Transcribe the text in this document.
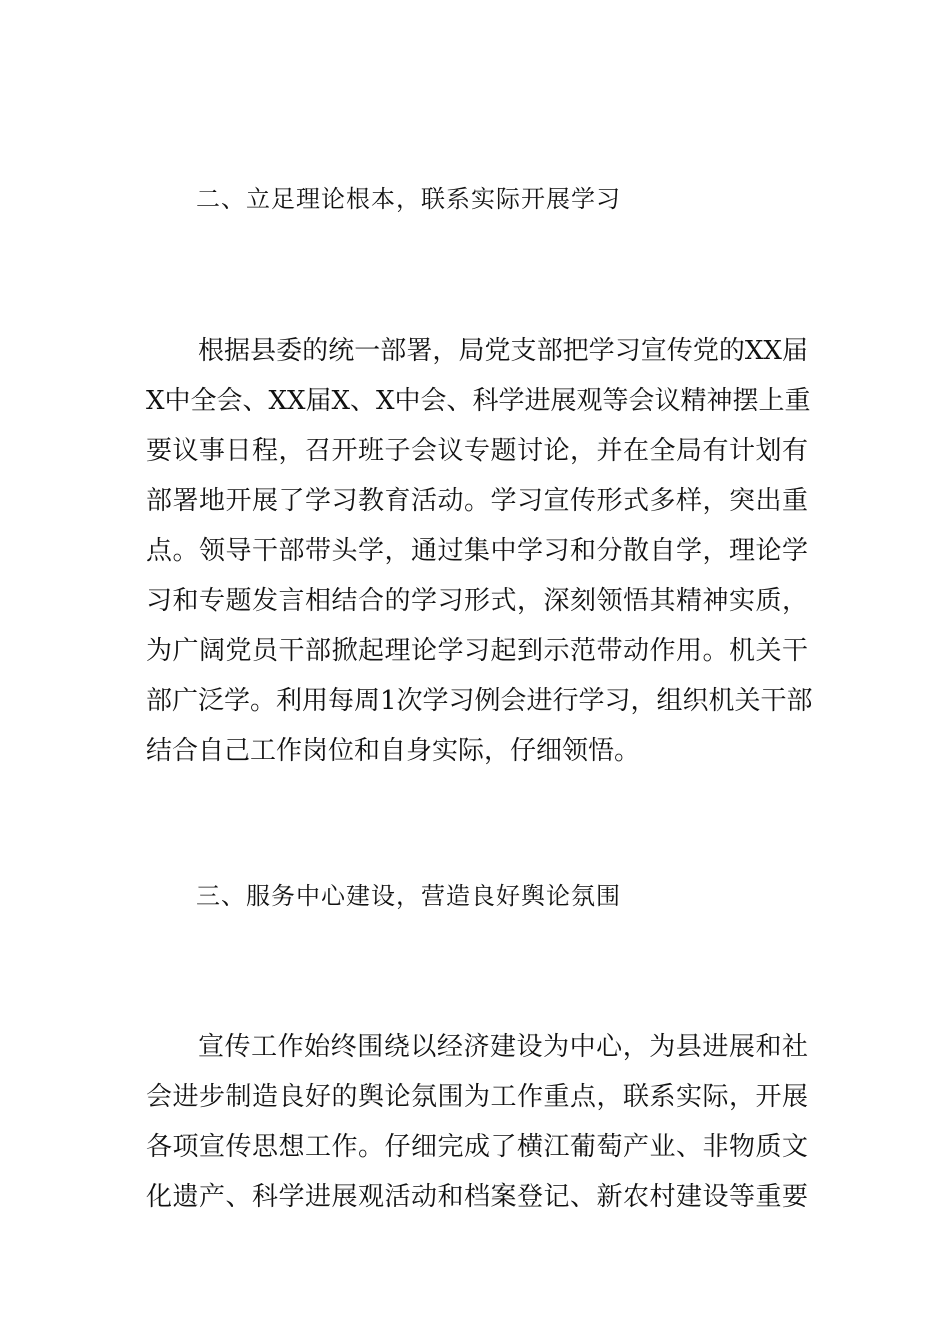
二、立足理论根本，联系实际开展学习
根据县委的统一部署，局党支部把学习宣传党的XX届
X中全会、XX届X、X中会、科学进展观等会议精神摆上重
要议事日程，召开班子会议专题讨论，并在全局有计划有
部署地开展了学习教育活动。学习宣传形式多样，突出重
点。领导干部带头学，通过集中学习和分散自学，理论学
习和专题发言相结合的学习形式，深刻领悟其精神实质，
为广阔党员干部掀起理论学习起到示范带动作用。机关干
部广泛学。利用每周1次学习例会进行学习，组织机关干部
结合自己工作岗位和自身实际，仔细领悟。
三、服务中心建设，营造良好舆论氛围
宣传工作始终围绕以经济建设为中心，为县进展和社
会进步制造良好的舆论氛围为工作重点，联系实际，开展
各项宣传思想工作。仔细完成了横江葡萄产业、非物质文
化遗产、科学进展观活动和档案登记、新农村建设等重要
